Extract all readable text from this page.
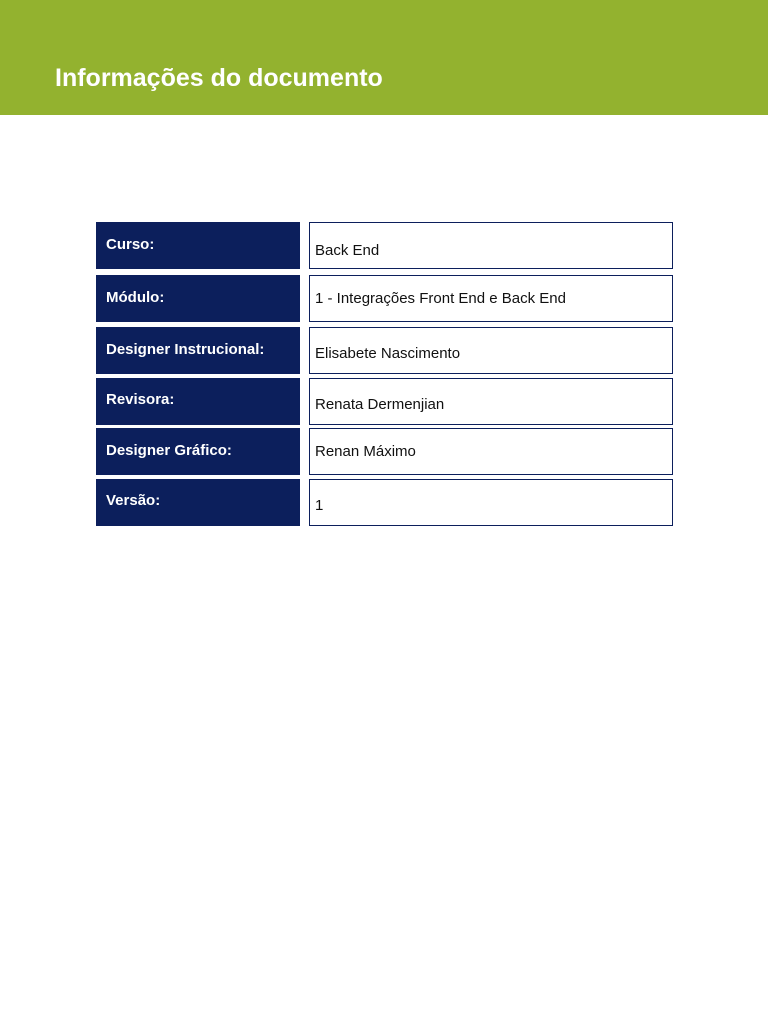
Informações do documento
Curso:	Back End
Módulo:	1 - Integrações Front End e Back End
Designer Instrucional:	Elisabete Nascimento
Revisora:	Renata Dermenjian
Designer Gráfico:	Renan Máximo
Versão:	1
